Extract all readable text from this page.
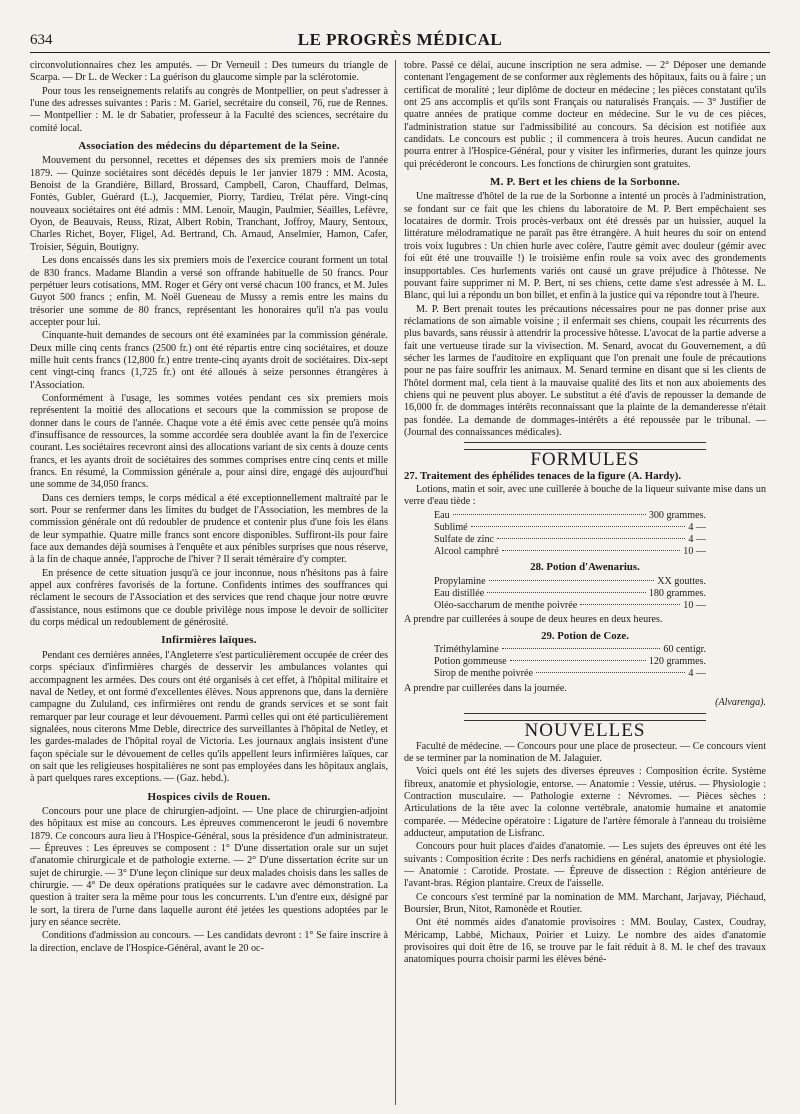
634	LE PROGRÈS MÉDICAL

circonvolutionnaires chez les amputés. — Dr Verneuil : Des tumeurs du triangle de Scarpa. — Dr L. de Wecker : La guérison du glaucome simple par la sclérotomie.

Pour tous les renseignements relatifs au congrès de Montpellier, on peut s'adresser à l'une des adresses suivantes : Paris : M. Gariel, secrétaire du conseil, 76, rue de Rennes. — Montpellier : M. le dr Sabatier, professeur à la Faculté des sciences, secrétaire du comité local.

Association des médecins du département de la Seine.

Mouvement du personnel, recettes et dépenses des six premiers mois de l'année 1879. — Quinze sociétaires sont décédés depuis le 1er janvier 1879 : MM. Acosta, Benoist de la Grandière, Billard, Brossard, Campbell, Caron, Chauffard, Delmas, Fontès, Gubler, Guérard (L.), Jacquemier, Piorry, Tardieu, Trélat père. Vingt-cinq nouveaux sociétaires ont été admis : MM. Lenoir, Maugin, Paulmier, Séailles, Lefèvre, Oyon, de Beauvais, Reuss, Rizat, Albert Robin, Tranchant, Joffroy, Maury, Sentoux, Charles Richet, Boyer, Fligel, Ad. Bertrand, Ch. Arnaud, Anselmier, Hamon, Cafer, Troisier, Séguin, Boutigny.

Les dons encaissés dans les six premiers mois de l'exercice courant forment un total de 830 francs. Madame Blandin a versé son offrande habituelle de 50 francs. Pour perpétuer leurs cotisations, MM. Roger et Géry ont versé chacun 100 francs, et M. Jules Guyot 500 francs ; enfin, M. Noël Gueneau de Mussy a remis entre les mains du trésorier une somme de 80 francs, représentant les honoraires qu'il n'a pas voulu accepter pour lui.

Cinquante-huit demandes de secours ont été examinées par la commission générale. Deux mille cinq cents francs (2500 fr.) ont été répartis entre cinq sociétaires, et douze mille huit cents francs (12,800 fr.) entre trente-cinq ayants droit de sociétaires. Dix-sept cent vingt-cinq francs (1,725 fr.) ont été alloués à seize personnes étrangères à l'Association.

Conformément à l'usage, les sommes votées pendant ces six premiers mois représentent la moitié des allocations et secours que la commission se propose de donner dans le cours de l'année. Chaque vote a été émis avec cette pensée qu'à moins d'insuffisance de ressources, la somme accordée sera doublée avant la fin de l'exercice courant. Les sociétaires recevront ainsi des allocations variant de six cents à douze cents francs, et les ayants droit de sociétaires des sommes comprises entre cinq cents et mille francs. En résumé, la Commission générale a, pour ainsi dire, engagé dès aujourd'hui une somme de 34,050 francs.

Dans ces derniers temps, le corps médical a été exceptionnellement maltraité par le sort. Pour se renfermer dans les limites du budget de l'Association, les membres de la commission générale ont dû redoubler de prudence et contenir plus d'une fois les élans de leur sympathie. Quatre mille francs sont encore disponibles. Suffiront-ils pour faire face aux demandes déjà soumises à l'enquête et aux pénibles surprises que nous réserve, à la fin de chaque année, l'approche de l'hiver ? Il serait téméraire d'y compter.

En présence de cette situation jusqu'à ce jour inconnue, nous n'hésitons pas à faire appel aux confrères favorisés de la fortune. Confidents intimes des souffrances qui réclament le secours de l'Association et des services que rend chaque jour notre œuvre d'assistance, nous estimons que ce double privilège nous impose le devoir de solliciter du corps médical un redoublement de générosité.

Infirmières laïques.

Pendant ces dernières années, l'Angleterre s'est particulièrement occupée de créer des corps spéciaux d'infirmières chargés de desservir les ambulances volantes qui accompagnent les armées. Des cours ont été organisés à cet effet, à l'hôpital militaire et naval de Netley, et ont formé d'excellentes élèves. Nous apprenons que, dans la dernière campagne du Zululand, ces infirmières ont rendu de grands services et se sont fait remarquer par leur courage et leur dévouement. Parmi celles qui ont été particulièrement signalées, nous citerons Mme Deble, directrice des surveillantes à l'hôpital de Netley, et les gardes-malades de l'hôpital royal de Victoria. Les journaux anglais insistent d'une façon spéciale sur le dévouement de celles qu'ils appellent leurs infirmières laïques, car on sait que les religieuses hospitalières ne sont pas employées dans les hôpitaux anglais, à part quelques rares exceptions. — (Gaz. hebd.).

Hospices civils de Rouen.

Concours pour une place de chirurgien-adjoint. — Une place de chirurgien-adjoint des hôpitaux est mise au concours. Les épreuves commenceront le jeudi 6 novembre 1879. Ce concours aura lieu à l'Hospice-Général, sous la présidence d'un administrateur. — Épreuves : Les épreuves se composent : 1° D'une dissertation orale sur un sujet d'anatomie chirurgicale et de pathologie externe. — 2° D'une dissertation écrite sur un sujet de chirurgie. — 3° D'une leçon clinique sur deux malades choisis dans les salles de chirurgie. — 4° De deux opérations pratiquées sur le cadavre avec démonstration. La question à traiter sera la même pour tous les concurrents. L'un d'entre eux, désigné par le sort, la tirera de l'urne dans laquelle auront été jetées les questions adoptées par le jury en séance secrète.

Conditions d'admission au concours. — Les candidats devront : 1° Se faire inscrire à la direction, enclave de l'Hospice-Général, avant le 20 oc-

tobre. Passé ce délai, aucune inscription ne sera admise. — 2° Déposer une demande contenant l'engagement de se conformer aux règlements des hôpitaux, faits ou à faire ; un certificat de moralité ; leur diplôme de docteur en médecine ; les pièces constatant qu'ils ont 25 ans accomplis et qu'ils sont Français ou naturalisés Français. — 3° Justifier de quatre années de pratique comme docteur en médecine. Sur le vu de ces pièces, l'administration statue sur l'admissibilité au concours. Sa décision est notifiée aux candidats. Le concours est public ; il commencera à trois heures. Aucun candidat ne pourra entrer à l'Hospice-Général, pour y visiter les infirmeries, durant les quinze jours qui précéderont le concours. Les fonctions de chirurgien sont gratuites.

M. P. Bert et les chiens de la Sorbonne.

Une maîtresse d'hôtel de la rue de la Sorbonne a intenté un procès à l'administration, se fondant sur ce fait que les chiens du laboratoire de M. P. Bert empêchaient ses locataires de dormir. Trois procès-verbaux ont été dressés par un huissier, auquel la littérature mélodramatique ne paraît pas être étrangère. A huit heures du soir on entend trois voix lugubres : Un chien hurle avec colère, l'autre gémit avec douleur (gémir avec foi eût été une trouvaille !) le troisième enfin roule sa voix avec des grondements insupportables. Ces hurlements variés ont causé un grave préjudice à l'hôtesse. Ne pouvant faire supprimer ni M. P. Bert, ni ses chiens, cette dame s'est adressée à M. L. Blanc, qui lui a répondu un bon billet, et enfin à la justice qui va répondre tout à l'heure.

M. P. Bert prenait toutes les précautions nécessaires pour ne pas donner prise aux réclamations de son aimable voisine ; il enfermait ses chiens, coupait les récurrents des plus bavards, sans réussir à attendrir la processive hôtesse. L'avocat de la partie adverse a fait une vertueuse tirade sur la vivisection. M. Senard, avocat du Gouvernement, a dû sécher les larmes de l'auditoire en expliquant que l'on prenait une foule de précautions pour ne pas faire souffrir les animaux. M. Senard termine en disant que si les clients de l'hôtel dorment mal, cela tient à la mauvaise qualité des lits et non aux aboiements des chiens qui ne peuvent plus aboyer. Le substitut a été d'avis de repousser la demande de 16,000 fr. de dommages intérêts reconnaissant que la plainte de la demanderesse n'était pas fondée. La demande de dommages-intérêts a été repoussée par le tribunal. — (Journal des connaissances médicales).

FORMULES
27. Traitement des éphélides tenaces de la figure (A. Hardy).

Lotions, matin et soir, avec une cuillerée à bouche de la liqueur suivante mise dans un verre d'eau tiède :

Eau	300 grammes.
Sublimé	4 —
Sulfate de zinc	4 —
Alcool camphré	10 —
28. Potion d'Awenarius.
Propylamine	XX gouttes.
Eau distillée	180 grammes.
Oléo-saccharum de menthe poivrée	10 —

A prendre par cuillerées à soupe de deux heures en deux heures.

29. Potion de Coze.
Triméthylamine	60 centigr.
Potion gommeuse	120 grammes.
Sirop de menthe poivrée	4 —

A prendre par cuillerées dans la journée.

(Alvarenga).
NOUVELLES

Faculté de médecine. — Concours pour une place de prosecteur. — Ce concours vient de se terminer par la nomination de M. Jalaguier.

Voici quels ont été les sujets des diverses épreuves : Composition écrite. Système fibreux, anatomie et physiologie, entorse. — Anatomie : Vessie, utérus. — Physiologie : Contraction musculaire. — Pathologie externe : Névromes. — Pièces sèches : Articulations de la tête avec la colonne vertébrale, anatomie humaine et anatomie comparée. — Médecine opératoire : Ligature de l'artère fémorale à l'anneau du troisième adducteur, amputation de Lisfranc.

Concours pour huit places d'aides d'anatomie. — Les sujets des épreuves ont été les suivants : Composition écrite : Des nerfs rachidiens en général, anatomie et physiologie. — Anatomie : Carotide. Prostate. — Épreuve de dissection : Région antérieure de l'avant-bras. Région plantaire. Creux de l'aisselle.

Ce concours s'est terminé par la nomination de MM. Marchant, Jarjavay, Piéchaud, Boursier, Brun, Nitot, Ramonède et Routier.

Ont été nommés aides d'anatomie provisoires : MM. Boulay, Castex, Coudray, Méricamp, Labbé, Michaux, Poirier et Luizy. Le nombre des aides d'anatomie provisoires qui doit être de 16, se trouve par le fait réduit à 8. M. le chef des travaux anatomiques pourra choisir parmi les élèves béné-
